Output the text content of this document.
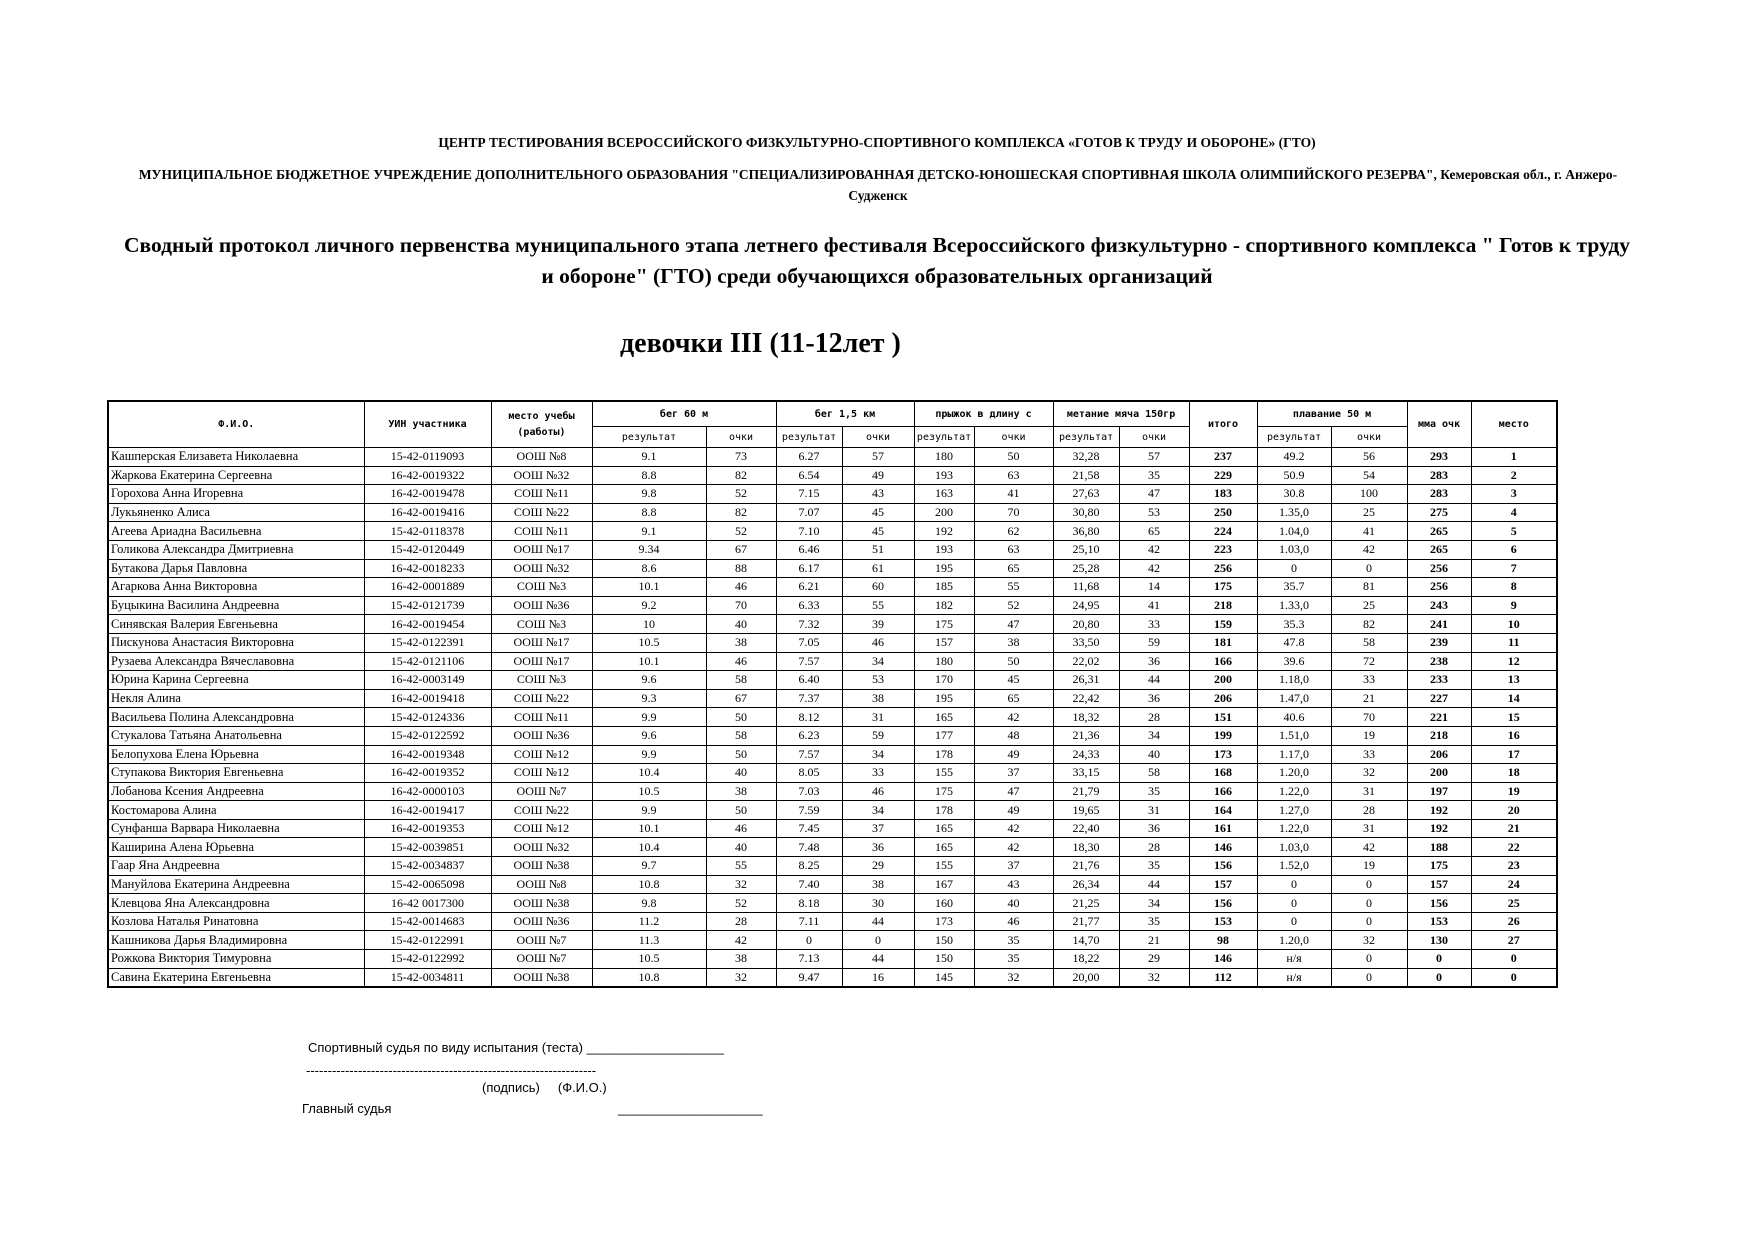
ЦЕНТР ТЕСТИРОВАНИЯ ВСЕРОССИЙСКОГО ФИЗКУЛЬТУРНО-СПОРТИВНОГО КОМПЛЕКСА «ГОТОВ К ТРУДУ И ОБОРОНЕ» (ГТО)
МУНИЦИПАЛЬНОЕ БЮДЖЕТНОЕ УЧРЕЖДЕНИЕ ДОПОЛНИТЕЛЬНОГО ОБРАЗОВАНИЯ "СПЕЦИАЛИЗИРОВАННАЯ ДЕТСКО-ЮНОШЕСКАЯ СПОРТИВНАЯ ШКОЛА ОЛИМПИЙСКОГО РЕЗЕРВА", Кемеровская обл., г. Анжеро-Судженск
Сводный протокол личного первенства муниципального этапа летнего фестиваля Всероссийского физкультурно - спортивного комплекса " Готов к труду и обороне" (ГТО) среди обучающихся образовательных организаций
девочки III (11-12лет )
Ф.И.О.	УИН участника	место учебы (работы)	бег 60 м		бег 1,5 км		прыжок в длину с		метание мяча 150гр		итого	плавание 50 м		мма очк	место
			результат	очки	результат	очки	результат	очки	результат	очки		результат	очки		
Кашперская Елизавета Николаевна	15-42-0119093	ООШ №8	9.1	73	6.27	57	180	50	32,28	57	237	49.2	56	293	1
Жаркова Екатерина Сергеевна	16-42-0019322	ООШ №32	8.8	82	6.54	49	193	63	21,58	35	229	50.9	54	283	2
Горохова Анна Игоревна	16-42-0019478	СОШ №11	9.8	52	7.15	43	163	41	27,63	47	183	30.8	100	283	3
Лукьяненко Алиса	16-42-0019416	СОШ №22	8.8	82	7.07	45	200	70	30,80	53	250	1.35,0	25	275	4
Агеева Ариадна Васильевна	15-42-0118378	СОШ №11	9.1	52	7.10	45	192	62	36,80	65	224	1.04,0	41	265	5
Голикова Александра Дмитриевна	15-42-0120449	ООШ №17	9.34	67	6.46	51	193	63	25,10	42	223	1.03,0	42	265	6
Бутакова Дарья Павловна	16-42-0018233	ООШ №32	8.6	88	6.17	61	195	65	25,28	42	256	0	0	256	7
Агаркова Анна Викторовна	16-42-0001889	СОШ №3	10.1	46	6.21	60	185	55	11,68	14	175	35.7	81	256	8
Буцыкина Василина Андреевна	15-42-0121739	ООШ №36	9.2	70	6.33	55	182	52	24,95	41	218	1.33,0	25	243	9
Синявская Валерия Евгеньевна	16-42-0019454	СОШ №3	10	40	7.32	39	175	47	20,80	33	159	35.3	82	241	10
Пискунова Анастасия Викторовна	15-42-0122391	ООШ №17	10.5	38	7.05	46	157	38	33,50	59	181	47.8	58	239	11
Рузаева Александра Вячеславовна	15-42-0121106	ООШ №17	10.1	46	7.57	34	180	50	22,02	36	166	39.6	72	238	12
Юрина Карина Сергеевна	16-42-0003149	СОШ №3	9.6	58	6.40	53	170	45	26,31	44	200	1.18,0	33	233	13
Некля Алина	16-42-0019418	СОШ №22	9.3	67	7.37	38	195	65	22,42	36	206	1.47,0	21	227	14
Васильева Полина Александровна	15-42-0124336	СОШ №11	9.9	50	8.12	31	165	42	18,32	28	151	40.6	70	221	15
Стукалова Татьяна Анатольевна	15-42-0122592	ООШ №36	9.6	58	6.23	59	177	48	21,36	34	199	1.51,0	19	218	16
Белопухова Елена Юрьевна	16-42-0019348	СОШ №12	9.9	50	7.57	34	178	49	24,33	40	173	1.17,0	33	206	17
Ступакова Виктория Евгеньевна	16-42-0019352	СОШ №12	10.4	40	8.05	33	155	37	33,15	58	168	1.20,0	32	200	18
Лобанова Ксения Андреевна	16-42-0000103	ООШ №7	10.5	38	7.03	46	175	47	21,79	35	166	1.22,0	31	197	19
Костомарова Алина	16-42-0019417	СОШ №22	9.9	50	7.59	34	178	49	19,65	31	164	1.27,0	28	192	20
Сунфанша Варвара Николаевна	16-42-0019353	СОШ №12	10.1	46	7.45	37	165	42	22,40	36	161	1.22,0	31	192	21
Каширина Алена Юрьевна	15-42-0039851	ООШ №32	10.4	40	7.48	36	165	42	18,30	28	146	1.03,0	42	188	22
Гаар Яна Андреевна	15-42-0034837	ООШ №38	9.7	55	8.25	29	155	37	21,76	35	156	1.52,0	19	175	23
Мануйлова Екатерина Андреевна	15-42-0065098	ООШ №8	10.8	32	7.40	38	167	43	26,34	44	157	0	0	157	24
Клевцова Яна Александровна	16-42 0017300	ООШ №38	9.8	52	8.18	30	160	40	21,25	34	156	0	0	156	25
Козлова Наталья Ринатовна	15-42-0014683	ООШ №36	11.2	28	7.11	44	173	46	21,77	35	153	0	0	153	26
Кашникова Дарья Владимировна	15-42-0122991	ООШ №7	11.3	42	0	0	150	35	14,70	21	98	1.20,0	32	130	27
Рожкова Виктория Тимуровна	15-42-0122992	ООШ №7	10.5	38	7.13	44	150	35	18,22	29	146	н/я	0	0	0
Савина Екатерина Евгеньевна	15-42-0034811	ООШ №38	10.8	32	9.47	16	145	32	20,00	32	112	н/я	0	0	0
Спортивный судья по виду испытания (теста) ___________________
-------------------------------------------------------------------
(подпись)     (Ф.И.О.)
Главный судья	____________________
